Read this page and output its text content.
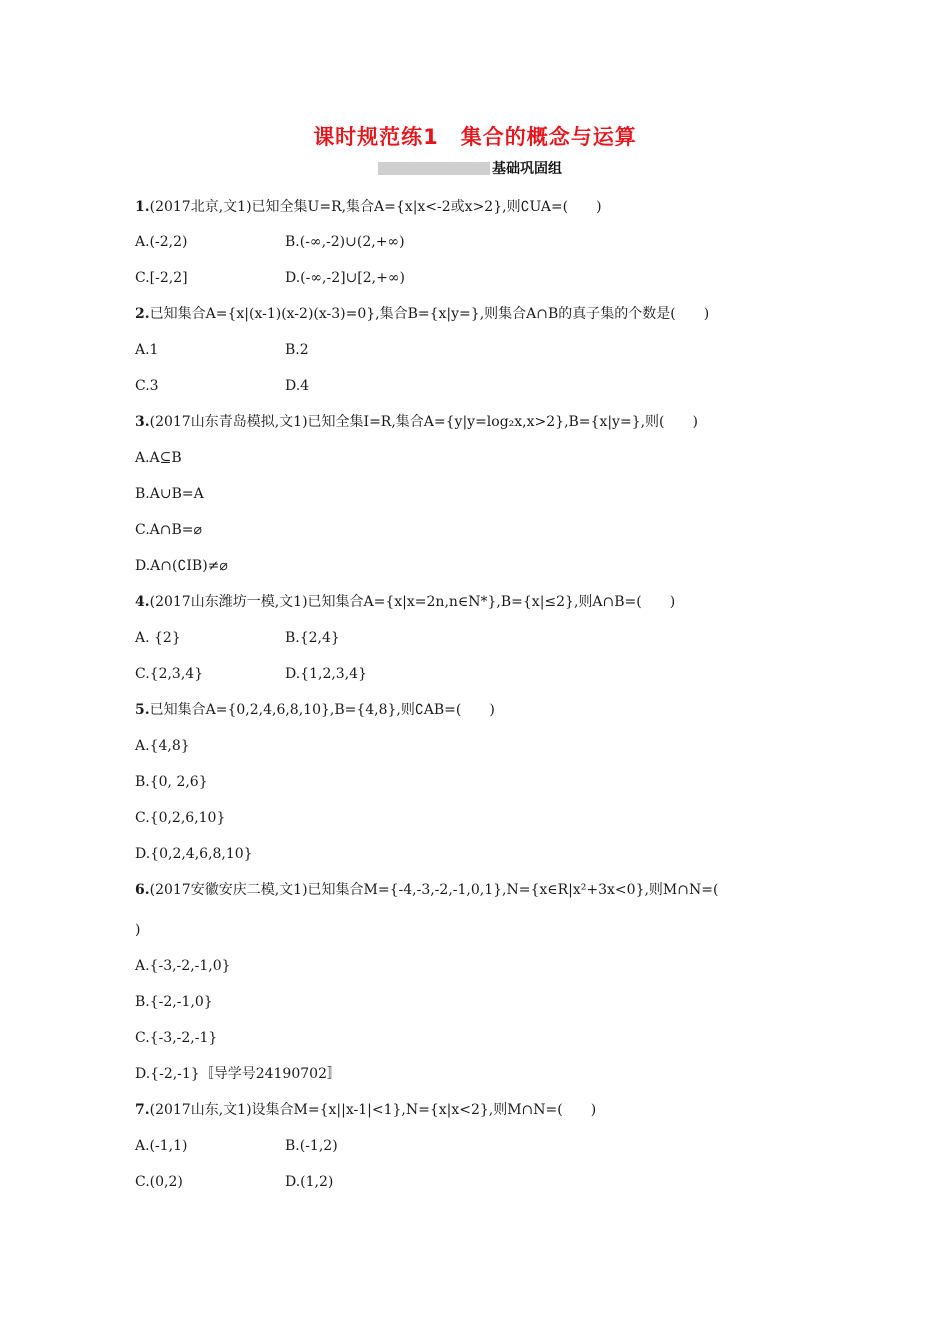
课时规范练1　集合的概念与运算
基础巩固组
1.(2017北京,文1)已知全集U=R,集合A={x|x<-2或x>2},则∁UA=(　　)
A.(-2,2)	B.(-∞,-2)∪(2,+∞)
C.[-2,2]	D.(-∞,-2]∪[2,+∞)
2.已知集合A={x|(x-1)(x-2)(x-3)=0},集合B={x|y=},则集合A∩B的真子集的个数是(　　)
A.1	B.2
C.3	D.4
3.(2017山东青岛模拟,文1)已知全集I=R,集合A={y|y=log₂x,x>2},B={x|y=},则(　　)
A.A⊆B
B.A∪B=A
C.A∩B=⌀
D.A∩(∁IB)≠⌀
4.(2017山东潍坊一模,文1)已知集合A={x|x=2n,n∈N*},B={x|≤2},则A∩B=(　　)
A. {2}	B.{2,4}
C.{2,3,4}	D.{1,2,3,4}
5.已知集合A={0,2,4,6,8,10},B={4,8},则∁AB=(　　)
A.{4,8}
B.{0, 2,6}
C.{0,2,6,10}
D.{0,2,4,6,8,10}
6.(2017安徽安庆二模,文1)已知集合M={-4,-3,-2,-1,0,1},N={x∈R|x²+3x<0},则M∩N=(
)
A.{-3,-2,-1,0}
B.{-2,-1,0}
C.{-3,-2,-1}
D.{-2,-1}〚导学号24190702〛
7.(2017山东,文1)设集合M={x||x-1|<1},N={x|x<2},则M∩N=(　　)
A.(-1,1)	B.(-1,2)
C.(0,2)	D.(1,2)
